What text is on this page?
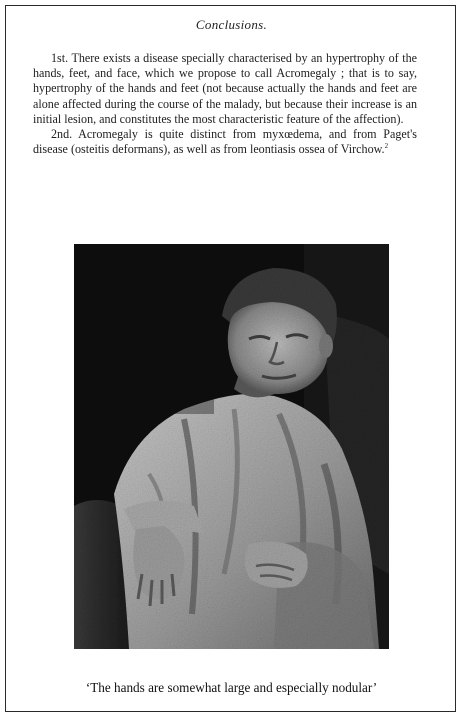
Conclusions.

1st. There exists a disease specially characterised by an hypertrophy of the hands, feet, and face, which we propose to call Acromegaly ; that is to say, hypertrophy of the hands and feet (not because actually the hands and feet are alone affected during the course of the malady, but because their increase is an initial lesion, and constitutes the most characteristic feature of the affection).

2nd. Acromegaly is quite distinct from myxœdema, and from Paget's disease (osteitis deformans), as well as from leontiasis ossea of Virchow.$^2$

‘The hands are somewhat large and especially nodular’
